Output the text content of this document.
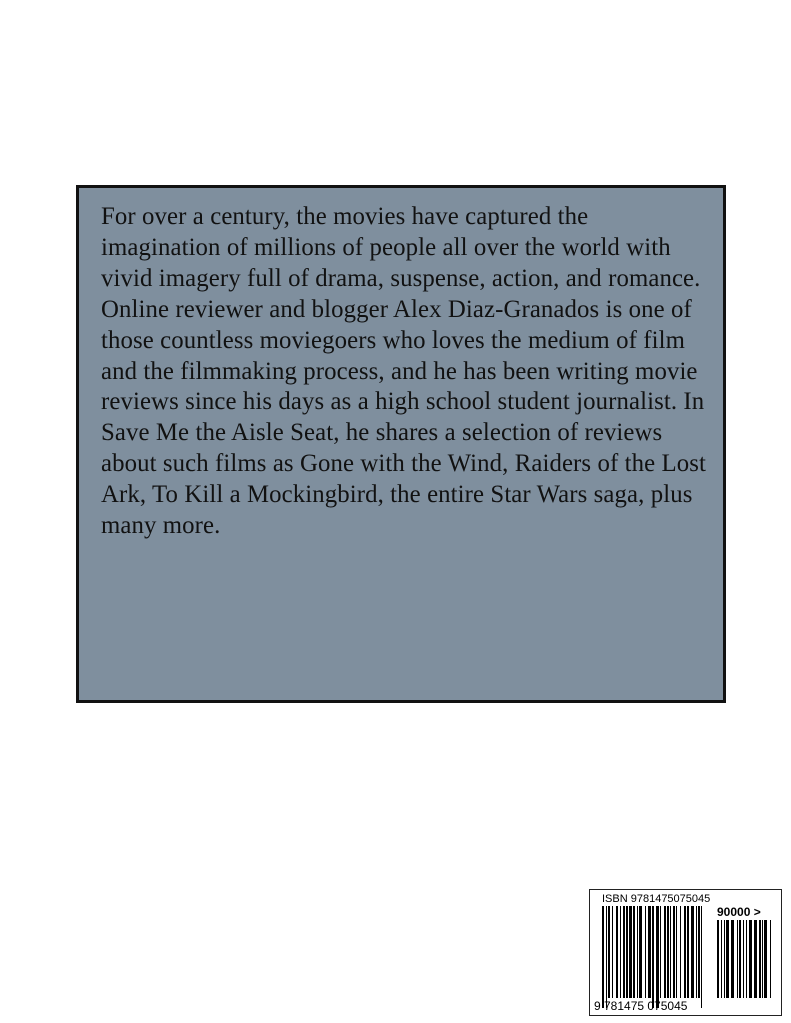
For over a century, the movies have captured the imagination of millions of people all over the world with vivid imagery full of drama, suspense, action, and romance. Online reviewer and blogger Alex Diaz-Granados is one of those countless moviegoers who loves the medium of film and the filmmaking process, and he has been writing movie reviews since his days as a high school student journalist. In Save Me the Aisle Seat, he shares a selection of reviews about such films as Gone with the Wind, Raiders of the Lost Ark, To Kill a Mockingbird, the entire Star Wars saga, plus many more.

ISBN 9781475075045
90000 >
9 781475 075045
